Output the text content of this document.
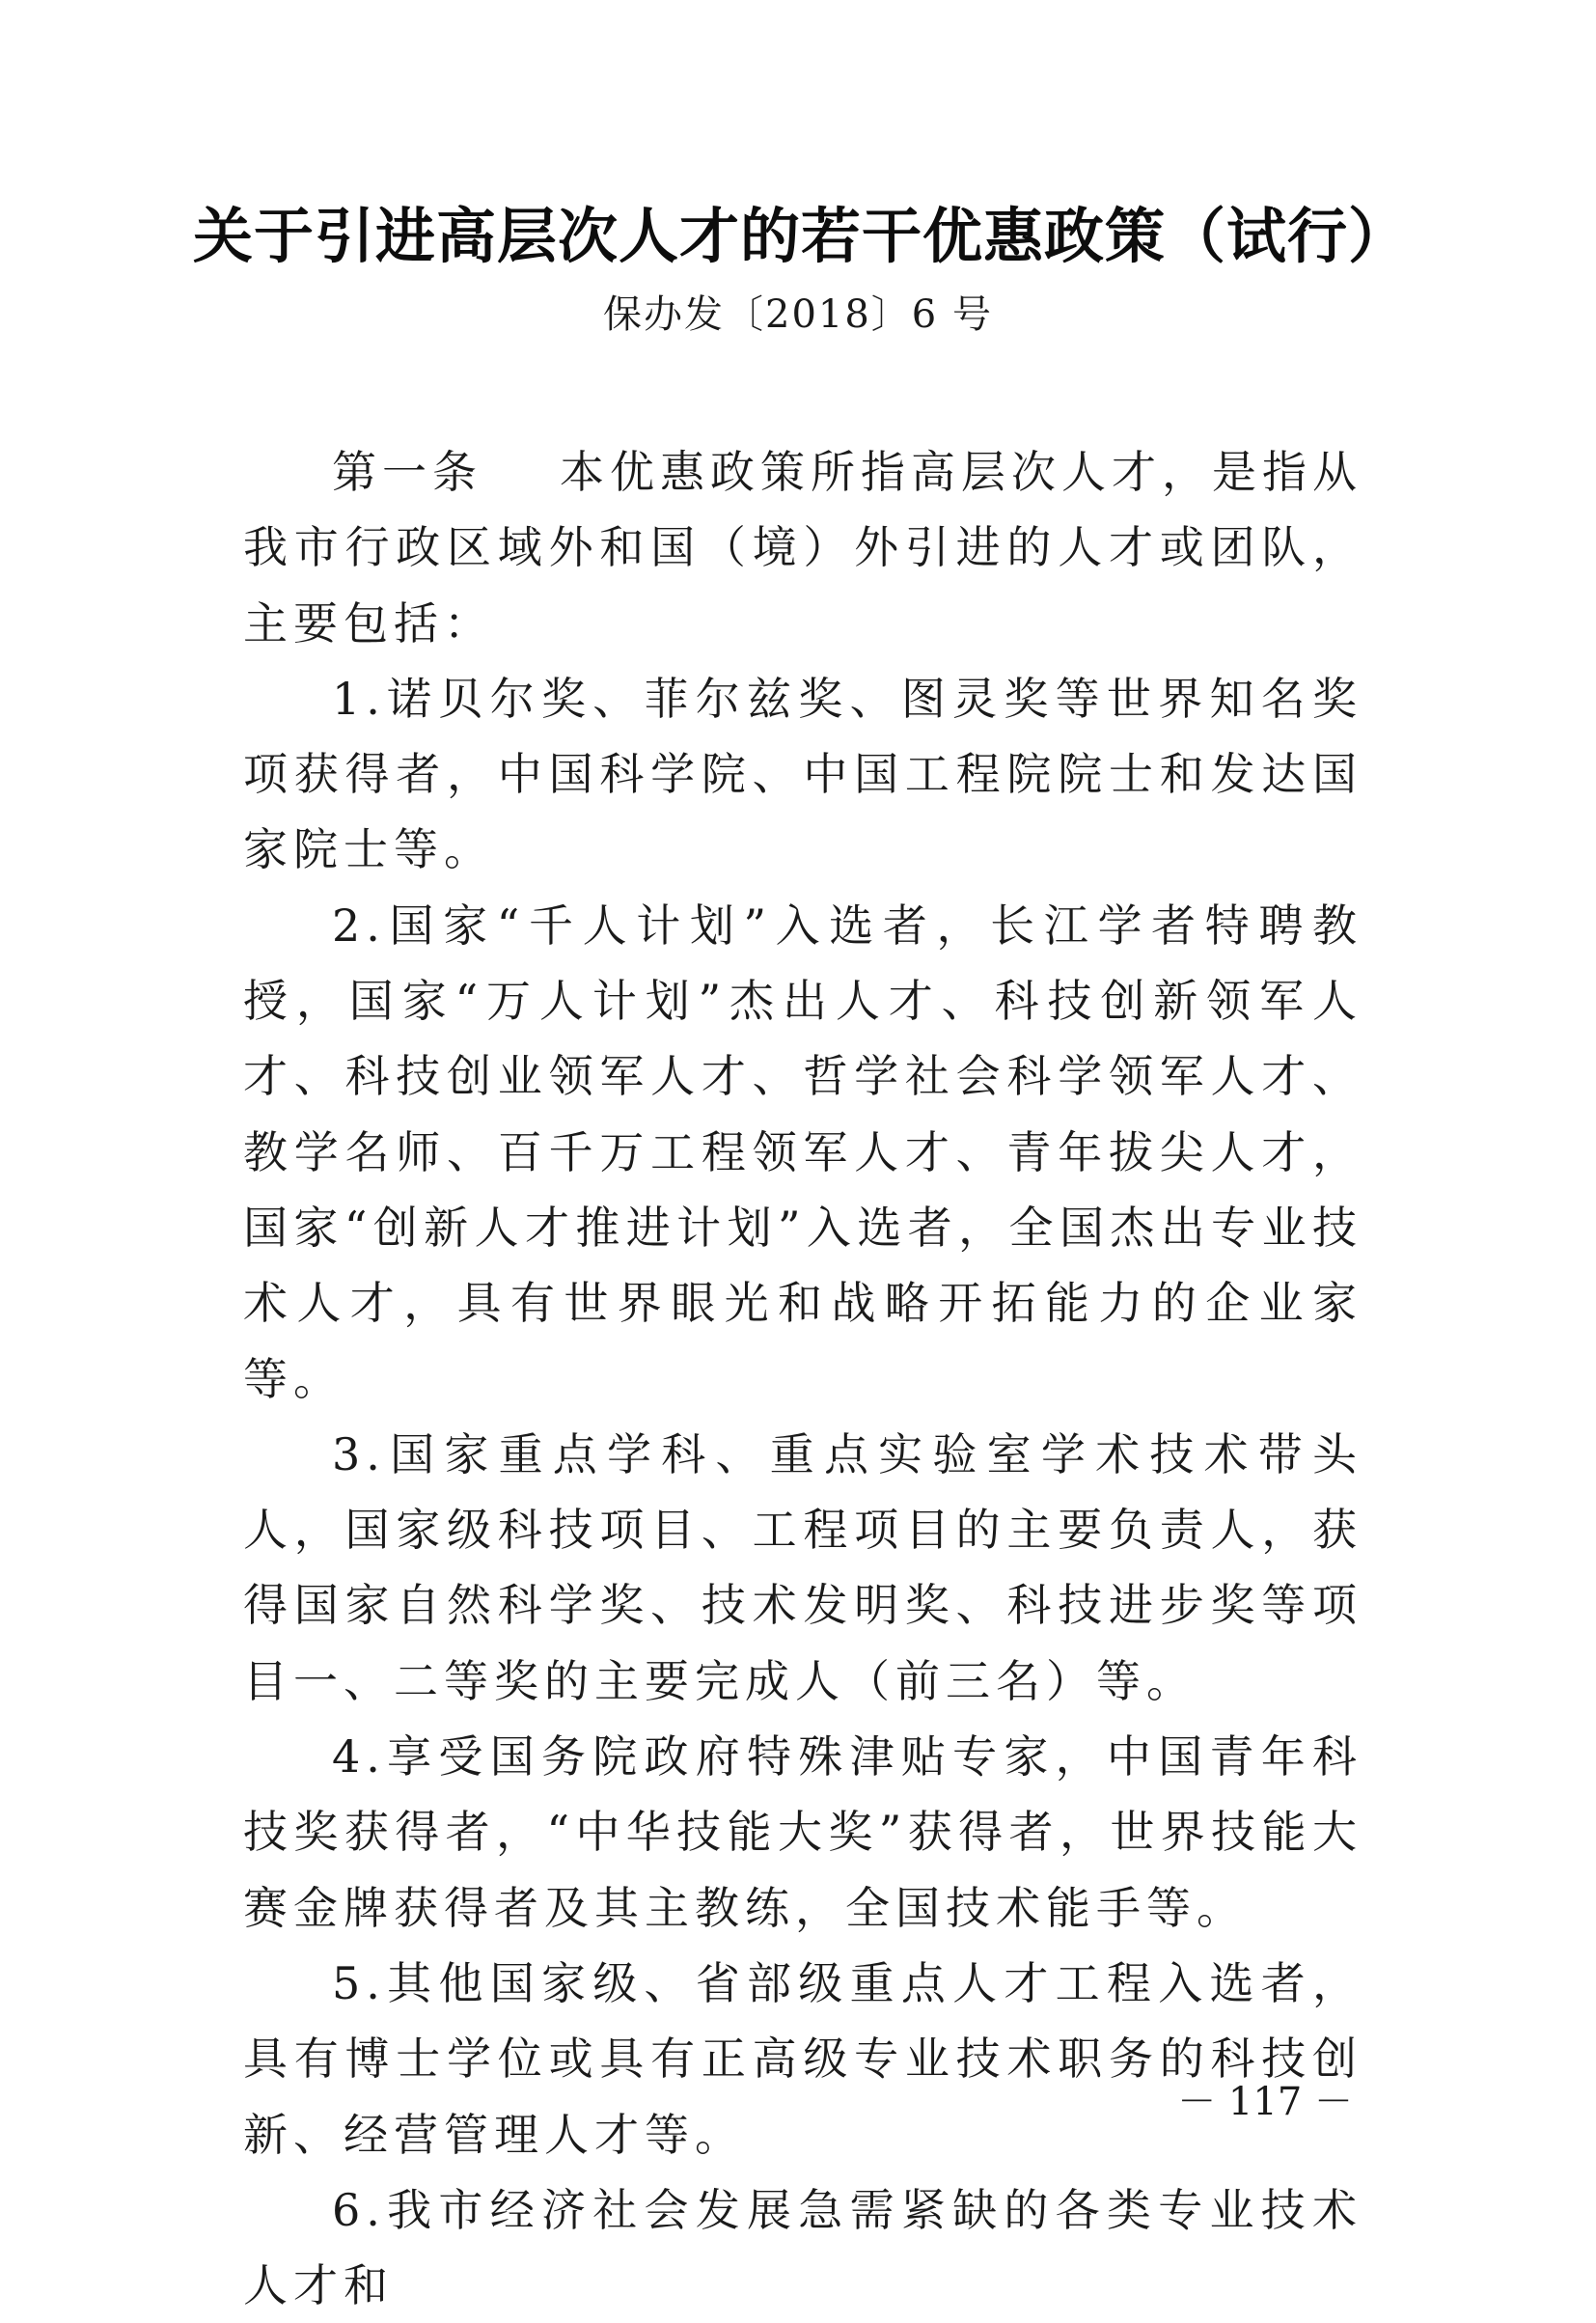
关于引进高层次人才的若干优惠政策（试行）
保办发〔2018〕6 号

第一条 本优惠政策所指高层次人才，是指从我市行政区域外和国（境）外引进的人才或团队，主要包括：

1.诺贝尔奖、菲尔兹奖、图灵奖等世界知名奖项获得者，中国科学院、中国工程院院士和发达国家院士等。

2.国家“千人计划”入选者，长江学者特聘教授，国家“万人计划”杰出人才、科技创新领军人才、科技创业领军人才、哲学社会科学领军人才、教学名师、百千万工程领军人才、青年拔尖人才，国家“创新人才推进计划”入选者，全国杰出专业技术人才，具有世界眼光和战略开拓能力的企业家等。

3.国家重点学科、重点实验室学术技术带头人，国家级科技项目、工程项目的主要负责人，获得国家自然科学奖、技术发明奖、科技进步奖等项目一、二等奖的主要完成人（前三名）等。

4.享受国务院政府特殊津贴专家，中国青年科技奖获得者，“中华技能大奖”获得者，世界技能大赛金牌获得者及其主教练，全国技术能手等。

5.其他国家级、省部级重点人才工程入选者，具有博士学位或具有正高级专业技术职务的科技创新、经营管理人才等。

6.我市经济社会发展急需紧缺的各类专业技术人才和

－ 117 －
